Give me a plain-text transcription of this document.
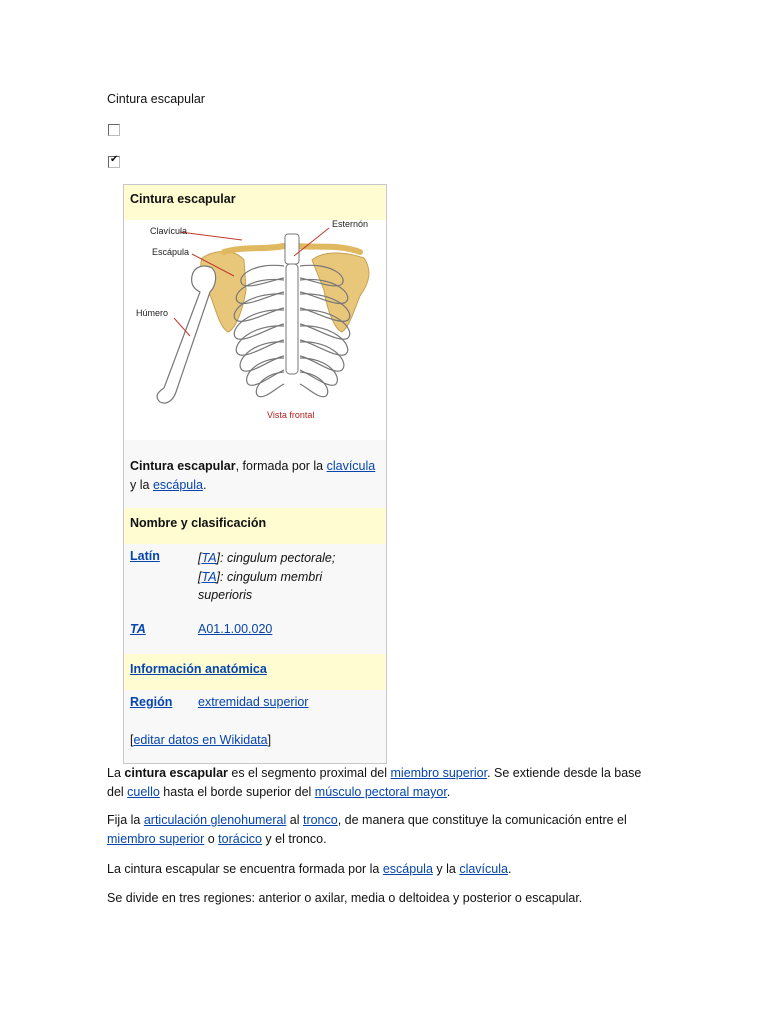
Cintura escapular
✔
Cintura escapular
Clavícula
Esternón
Escápula
Húmero
Vista frontal
Cintura escapular, formada por la clavícula y la escápula.
Nombre y clasificación
Latín	[TA]: cingulum pectorale;
[TA]: cingulum membri superioris
TA	A01.1.00.020
Información anatómica
Región extremidad superior
[editar datos en Wikidata]
La cintura escapular es el segmento proximal del miembro superior. Se extiende desde la base del cuello hasta el borde superior del músculo pectoral mayor.
Fija la articulación glenohumeral al tronco, de manera que constituye la comunicación entre el miembro superior o torácico y el tronco.
La cintura escapular se encuentra formada por la escápula y la clavícula.
Se divide en tres regiones: anterior o axilar, media o deltoidea y posterior o escapular.
